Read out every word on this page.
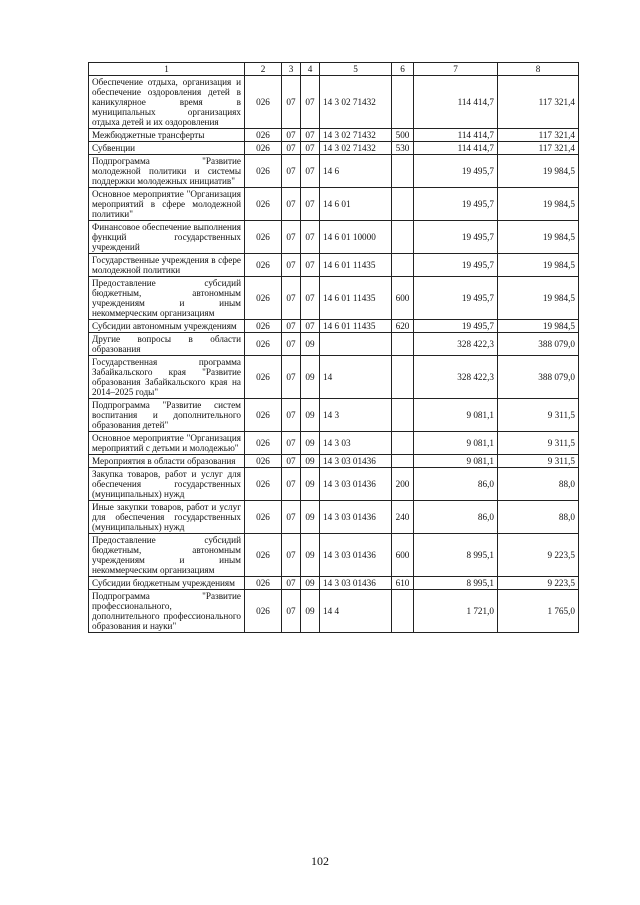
1	2	3	4	5	6	7	8
Обеспечение отдыха, организация и обеспечение оздоровления детей в каникулярное время в муниципальных организациях отдыха детей и их оздоровления	026	07	07	14 3 02 71432		114 414,7	117 321,4
Межбюджетные трансферты	026	07	07	14 3 02 71432	500	114 414,7	117 321,4
Субвенции	026	07	07	14 3 02 71432	530	114 414,7	117 321,4
Подпрограмма "Развитие молодежной политики и системы поддержки молодежных инициатив"	026	07	07	14 6		19 495,7	19 984,5
Основное мероприятие "Организация мероприятий в сфере молодежной политики"	026	07	07	14 6 01		19 495,7	19 984,5
Финансовое обеспечение выполнения функций государственных учреждений	026	07	07	14 6 01 10000		19 495,7	19 984,5
Государственные учреждения в сфере молодежной политики	026	07	07	14 6 01 11435		19 495,7	19 984,5
Предоставление субсидий бюджетным, автономным учреждениям и иным некоммерческим организациям	026	07	07	14 6 01 11435	600	19 495,7	19 984,5
Субсидии автономным учреждениям	026	07	07	14 6 01 11435	620	19 495,7	19 984,5
Другие вопросы в области образования	026	07	09			328 422,3	388 079,0
Государственная программа Забайкальского края "Развитие образования Забайкальского края на 2014–2025 годы"	026	07	09	14		328 422,3	388 079,0
Подпрограмма "Развитие систем воспитания и дополнительного образования детей"	026	07	09	14 3		9 081,1	9 311,5
Основное мероприятие "Организация мероприятий с детьми и молодежью"	026	07	09	14 3 03		9 081,1	9 311,5
Мероприятия в области образования	026	07	09	14 3 03 01436		9 081,1	9 311,5
Закупка товаров, работ и услуг для обеспечения государственных (муниципальных) нужд	026	07	09	14 3 03 01436	200	86,0	88,0
Иные закупки товаров, работ и услуг для обеспечения государственных (муниципальных) нужд	026	07	09	14 3 03 01436	240	86,0	88,0
Предоставление субсидий бюджетным, автономным учреждениям и иным некоммерческим организациям	026	07	09	14 3 03 01436	600	8 995,1	9 223,5
Субсидии бюджетным учреждениям	026	07	09	14 3 03 01436	610	8 995,1	9 223,5
Подпрограмма "Развитие профессионального, дополнительного профессионального образования и науки"	026	07	09	14 4		1 721,0	1 765,0
102
